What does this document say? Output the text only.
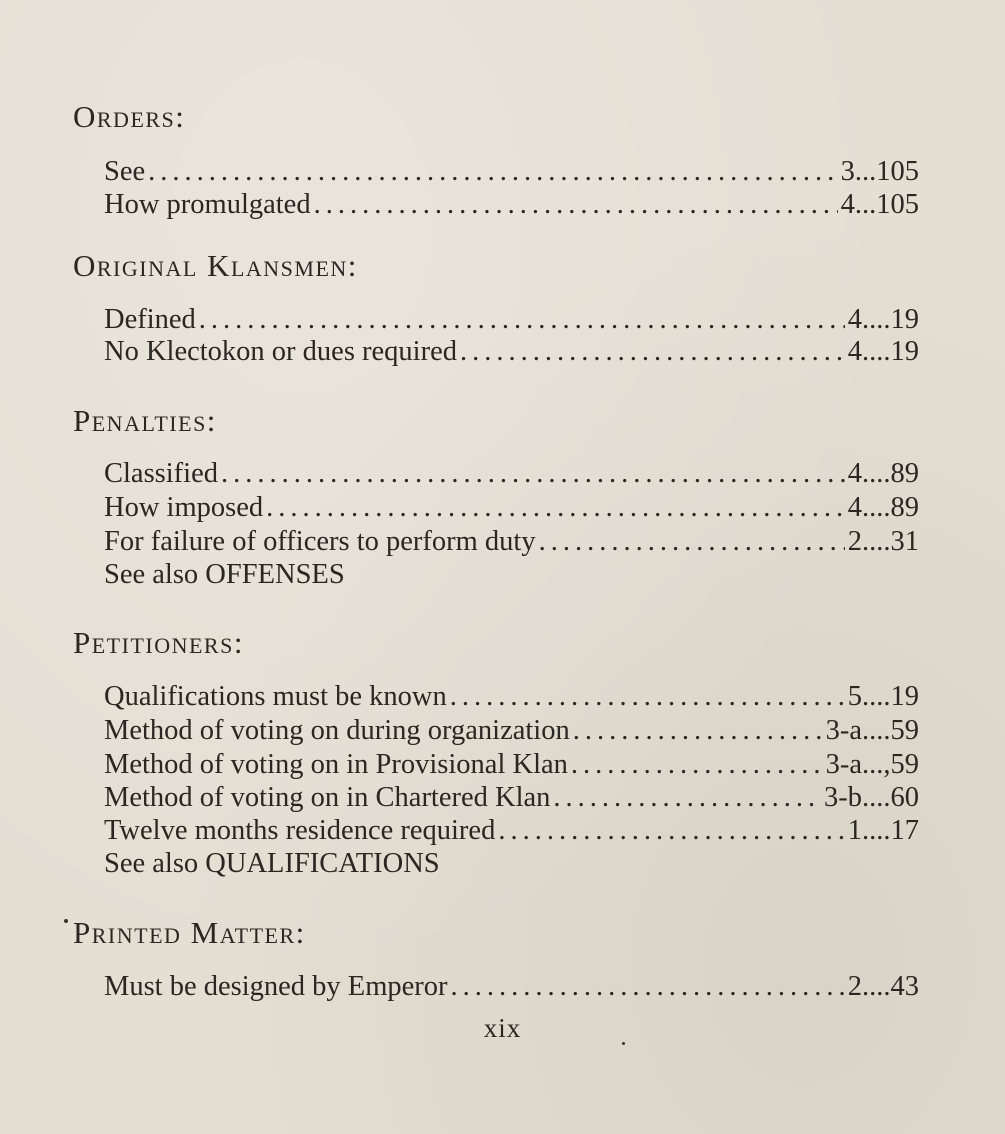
Orders:
See .....	3...105
How promulgated .....	4...105
Original Klansmen:
Defined .....	4....19
No Klectokon or dues required .....	4....19
Penalties:
Classified .....	4....89
How imposed .....	4....89
For failure of officers to perform duty .....	2....31
See also OFFENSES
Petitioners:
Qualifications must be known .....	5....19
Method of voting on during organization .....	3-a....59
Method of voting on in Provisional Klan .....	3-a...,59
Method of voting on in Chartered Klan .....	3-b....60
Twelve months residence required .....	1....17
See also QUALIFICATIONS
Printed Matter:
Must be designed by Emperor .....	2....43
xix
